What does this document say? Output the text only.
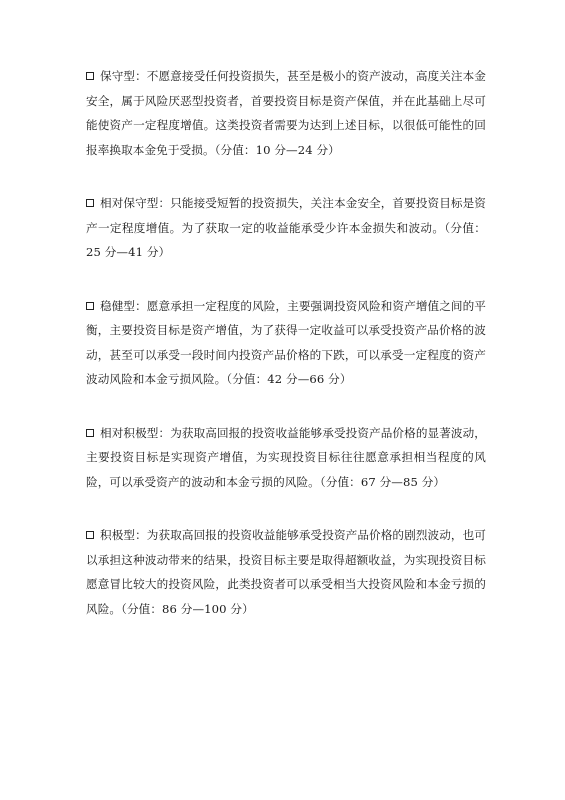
保守型：不愿意接受任何投资损失，甚至是极小的资产波动，高度关注本金安全，属于风险厌恶型投资者，首要投资目标是资产保值，并在此基础上尽可能使资产一定程度增值。这类投资者需要为达到上述目标，以很低可能性的回报率换取本金免于受损。（分值：10 分—24 分）

相对保守型：只能接受短暂的投资损失，关注本金安全，首要投资目标是资产一定程度增值。为了获取一定的收益能承受少许本金损失和波动。（分值：25 分—41 分）

稳健型：愿意承担一定程度的风险，主要强调投资风险和资产增值之间的平衡，主要投资目标是资产增值，为了获得一定收益可以承受投资产品价格的波动，甚至可以承受一段时间内投资产品价格的下跌，可以承受一定程度的资产波动风险和本金亏损风险。（分值：42 分—66 分）

相对积极型：为获取高回报的投资收益能够承受投资产品价格的显著波动，主要投资目标是实现资产增值，为实现投资目标往往愿意承担相当程度的风险，可以承受资产的波动和本金亏损的风险。（分值：67 分—85 分）

积极型：为获取高回报的投资收益能够承受投资产品价格的剧烈波动，也可以承担这种波动带来的结果，投资目标主要是取得超额收益，为实现投资目标愿意冒比较大的投资风险，此类投资者可以承受相当大投资风险和本金亏损的风险。（分值：86 分—100 分）
